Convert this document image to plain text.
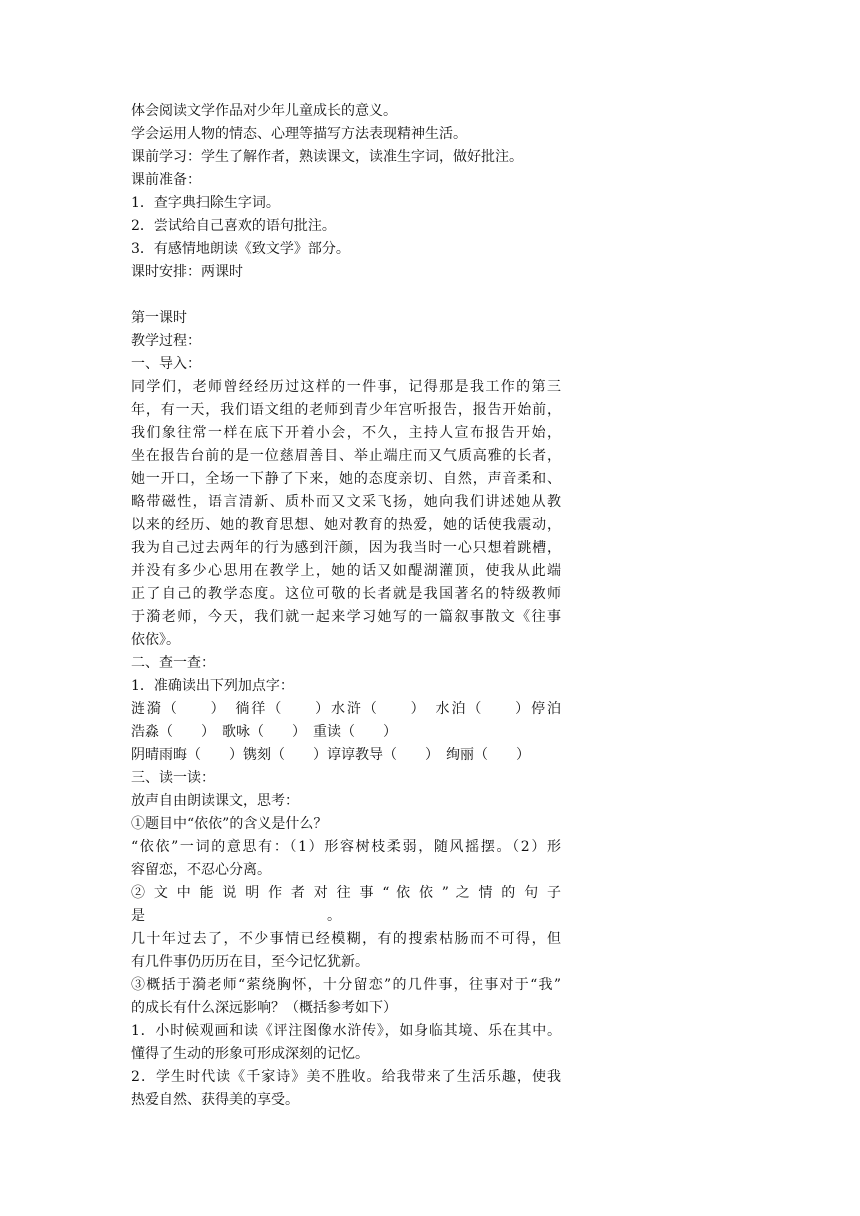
体会阅读文学作品对少年儿童成长的意义。
学会运用人物的情态、心理等描写方法表现精神生活。
课前学习：学生了解作者，熟读课文，读准生字词，做好批注。
课前准备：
1．查字典扫除生字词。
2．尝试给自己喜欢的语句批注。
3．有感情地朗读《致文学》部分。
课时安排：两课时
第一课时
教学过程：
一、导入：
同学们，老师曾经经历过这样的一件事，记得那是我工作的第三
年，有一天，我们语文组的老师到青少年宫听报告，报告开始前，
我们象往常一样在底下开着小会，不久，主持人宣布报告开始，
坐在报告台前的是一位慈眉善目、举止端庄而又气质高雅的长者，
她一开口，全场一下静了下来，她的态度亲切、自然，声音柔和、
略带磁性，语言清新、质朴而又文采飞扬，她向我们讲述她从教
以来的经历、她的教育思想、她对教育的热爱，她的话使我震动，
我为自己过去两年的行为感到汗颜，因为我当时一心只想着跳槽，
并没有多少心思用在教学上，她的话又如醍湖灌顶，使我从此端
正了自己的教学态度。这位可敬的长者就是我国著名的特级教师
于漪老师，今天，我们就一起来学习她写的一篇叙事散文《往事
依依》。
二、查一查：
1．准确读出下列加点字：
涟漪（　　）　徜徉（　　）水浒（　　）　水泊（　　）停泊　　　
浩淼（　　）　歌咏（　　）　重读（　　）
阴晴雨晦（　　）镌刻（　　）谆谆教导（　　）　绚丽（　　）
三、读一读：
放声自由朗读课文，思考：
①题目中“依依”的含义是什么？
“依依”一词的意思有：（1）形容树枝柔弱，随风摇摆。（2）形
容留恋，不忍心分离。
② 文 中 能 说 明 作 者 对 往 事 “ 依 依 ” 之 情 的 句 子
是　　　　　　　　　　　　　。
几十年过去了，不少事情已经模糊，有的搜索枯肠而不可得，但
有几件事仍历历在目，至今记忆犹新。
③概括于漪老师“萦绕胸怀，十分留恋”的几件事，往事对于“我”
的成长有什么深远影响？（概括参考如下）
1．小时候观画和读《评注图像水浒传》，如身临其境、乐在其中。
懂得了生动的形象可形成深刻的记忆。
2．学生时代读《千家诗》美不胜收。给我带来了生活乐趣，使我
热爱自然、获得美的享受。
